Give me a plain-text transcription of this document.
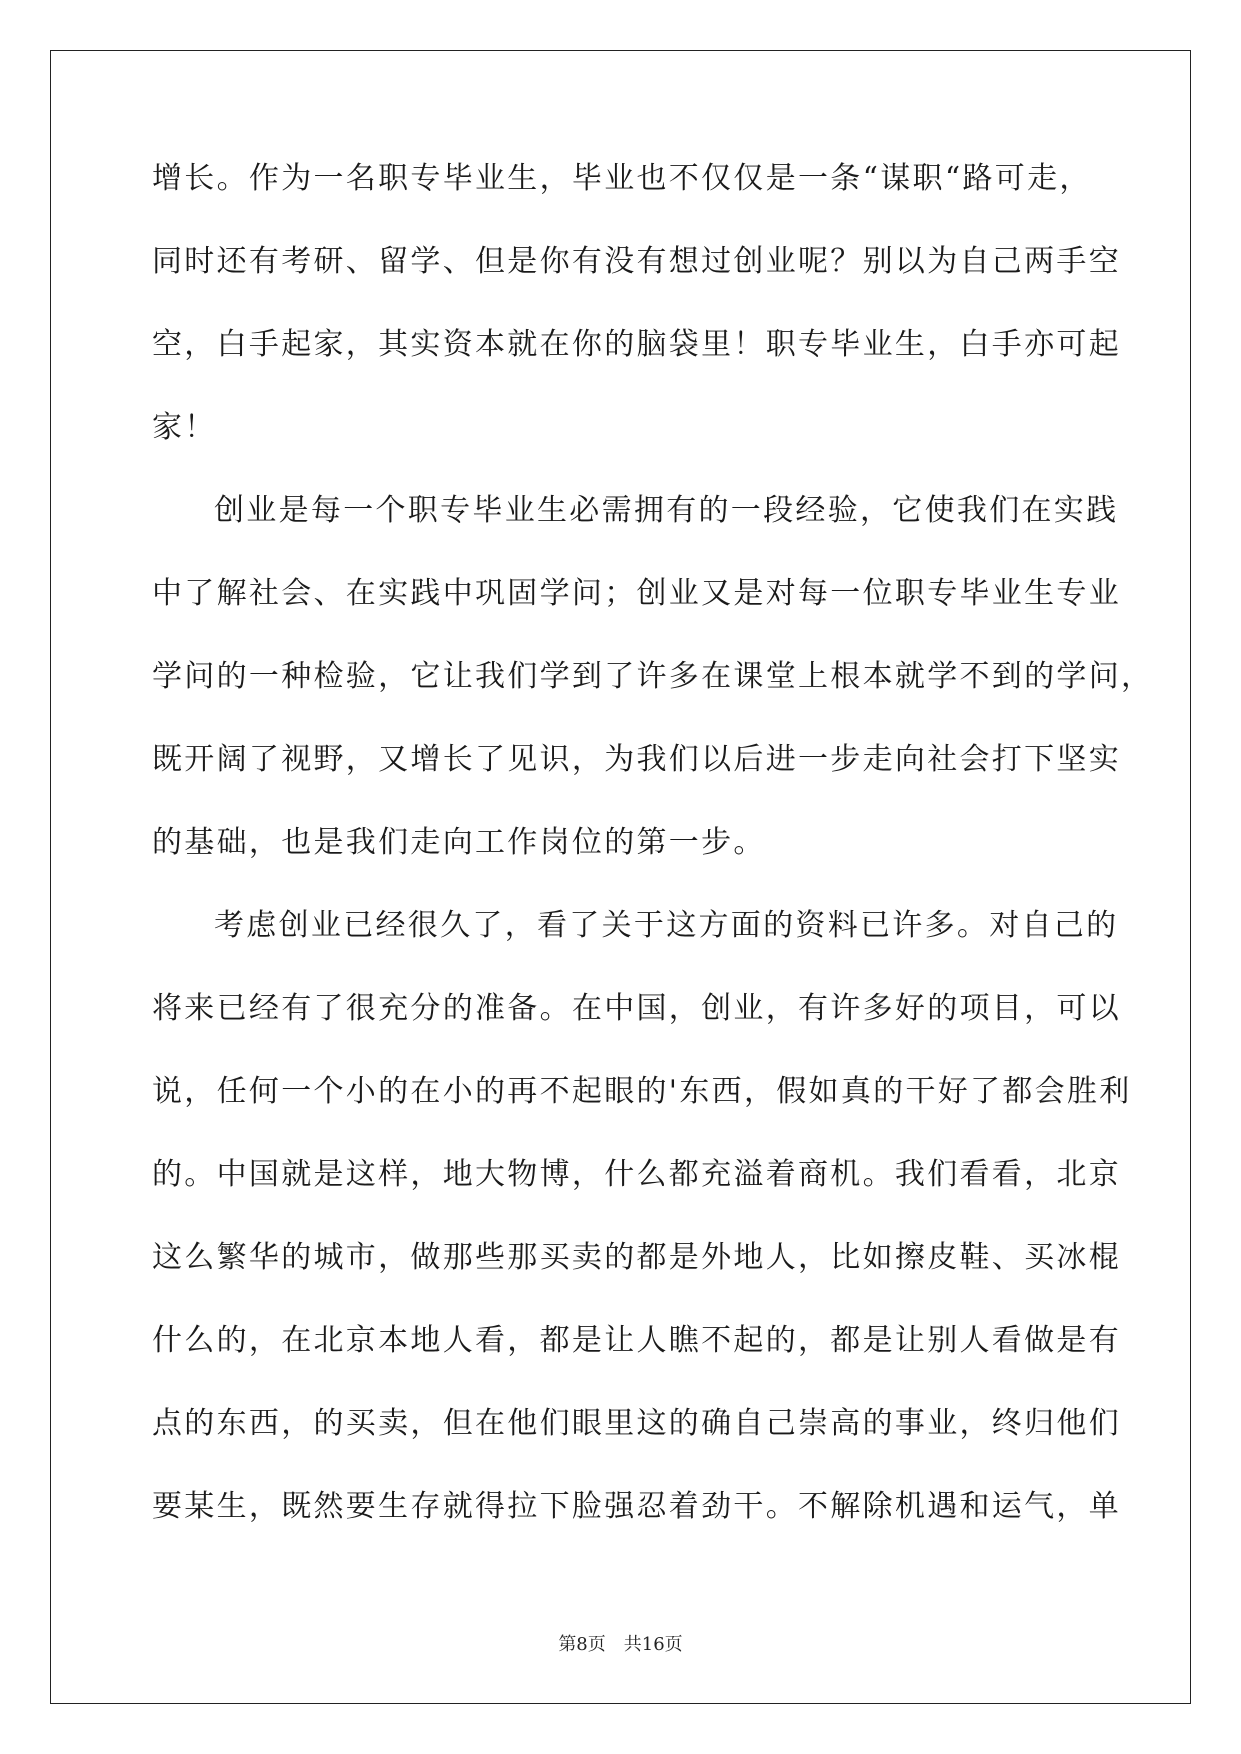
增长。作为一名职专毕业生，毕业也不仅仅是一条“谋职“路可走，
同时还有考研、留学、但是你有没有想过创业呢？别以为自己两手空
空，白手起家，其实资本就在你的脑袋里！职专毕业生，白手亦可起
家！
创业是每一个职专毕业生必需拥有的一段经验，它使我们在实践
中了解社会、在实践中巩固学问；创业又是对每一位职专毕业生专业
学问的一种检验，它让我们学到了许多在课堂上根本就学不到的学问，
既开阔了视野，又增长了见识，为我们以后进一步走向社会打下坚实
的基础，也是我们走向工作岗位的第一步。
考虑创业已经很久了，看了关于这方面的资料已许多。对自己的
将来已经有了很充分的准备。在中国，创业，有许多好的项目，可以
说，任何一个小的在小的再不起眼的'东西，假如真的干好了都会胜利
的。中国就是这样，地大物博，什么都充溢着商机。我们看看，北京
这么繁华的城市，做那些那买卖的都是外地人，比如擦皮鞋、买冰棍
什么的，在北京本地人看，都是让人瞧不起的，都是让别人看做是有
点的东西，的买卖，但在他们眼里这的确自己崇高的事业，终归他们
要某生，既然要生存就得拉下脸强忍着劲干。不解除机遇和运气，单
第8页　共16页
